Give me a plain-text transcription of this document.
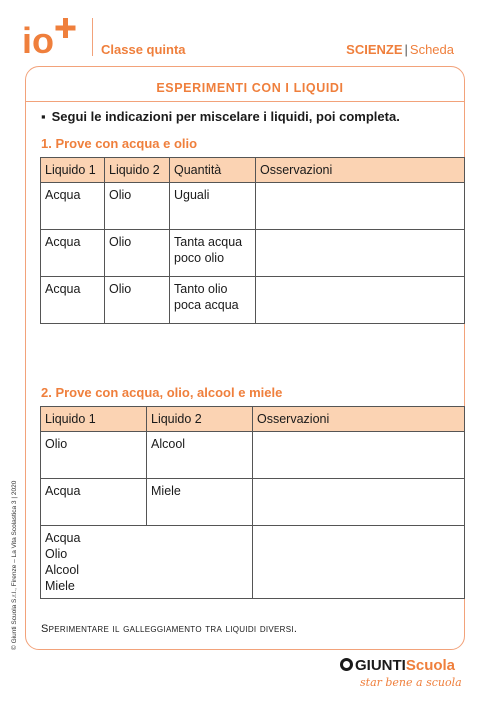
io	Classe quinta	SCIENZE | Scheda
ESPERIMENTI CON I LIQUIDI
▪ Segui le indicazioni per miscelare i liquidi, poi completa.
1. Prove con acqua e olio
Liquido 1	Liquido 2	Quantità	Osservazioni
Acqua	Olio	Uguali	

Acqua	Olio	Tanta acqua
poco olio	

Acqua	Olio	Tanto olio
poca acqua	

2. Prove con acqua, olio, alcool e miele
Liquido 1	Liquido 2	Osservazioni
Olio	Alcool	
Acqua	Miele	

Acqua
Olio
Alcool
Miele		

Sperimentare il galleggiamento tra liquidi diversi.
© Giunti Scuola S.r.l., Firenze – La Vita Scolastica 3 | 2020
GIUNTIScuola
star bene a scuola
